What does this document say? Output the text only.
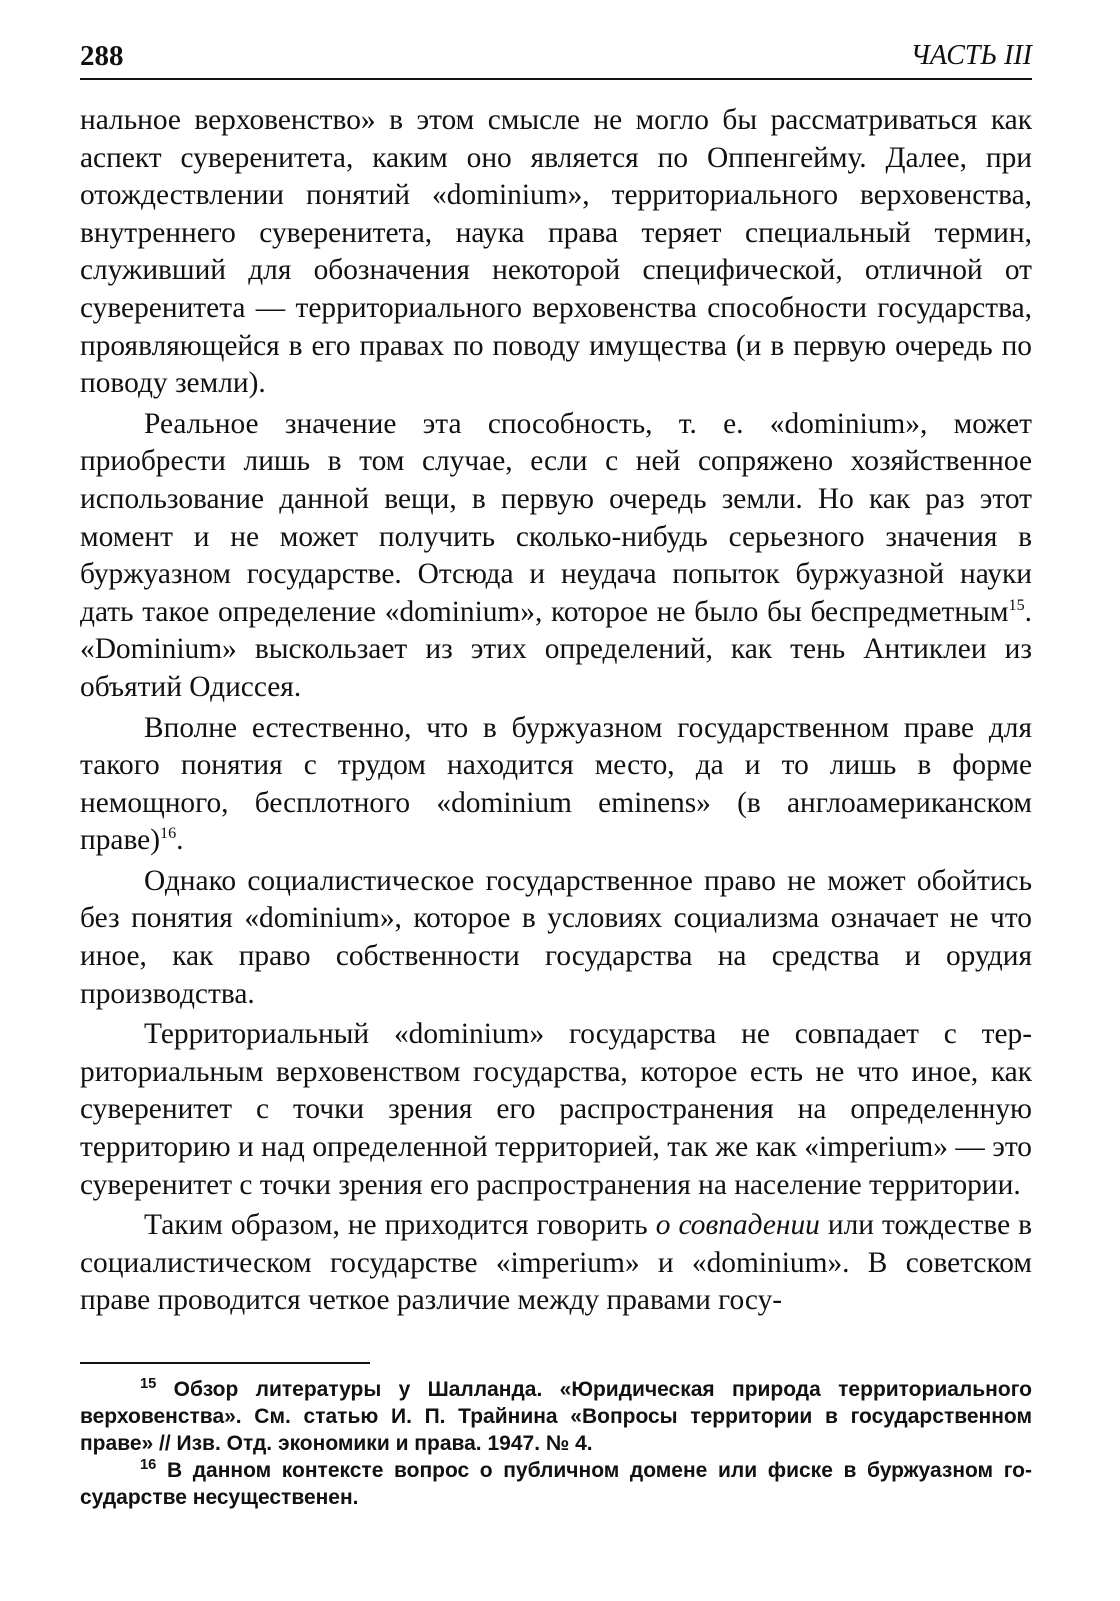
288	ЧАСТЬ III

нальное верховенство» в этом смысле не могло бы рассматриваться как аспект суверенитета, каким оно является по Оппенгейму. Далее, при отождествлении понятий «dominium», территориального верховенства, внутреннего суверенитета, наука права теряет специальный термин, служивший для обозначения некоторой специфической, отличной от суверенитета — территориального верховенства способности государства, проявляющейся в его правах по поводу имущества (и в первую очередь по поводу земли).

Реальное значение эта способность, т. е. «dominium», может приобрести лишь в том случае, если с ней сопряжено хозяйственное использование данной вещи, в первую очередь земли. Но как раз этот момент и не может получить сколько-нибудь серьезного значения в буржуазном государстве. Отсюда и неудача попыток буржуазной науки дать такое определение «dominium», которое не было бы беспредметным$^{15}$. «Dominium» выскользает из этих определений, как тень Антиклеи из объятий Одиссея.

Вполне естественно, что в буржуазном государственном праве для такого понятия с трудом находится место, да и то лишь в форме немощного, бесплотного «dominium eminens» (в англоамериканском праве)$^{16}$.

Однако социалистическое государственное право не может обойтись без понятия «dominium», которое в условиях социализма означает не что иное, как право собственности государства на средства и орудия производства.

Территориальный «dominium» государства не совпадает с территориальным верховенством государства, которое есть не что иное, как суверенитет с точки зрения его распространения на определенную территорию и над определенной территорией, так же как «imperium» — это суверенитет с точки зрения его распространения на население территории.

Таким образом, не приходится говорить о совпадении или тождестве в социалистическом государстве «imperium» и «dominium». В советском праве проводится четкое различие между правами госу-

$^{15}$ Обзор литературы у Шалланда. «Юридическая природа территориального верховенства». См. статью И. П. Трайнина «Вопросы территории в государственном праве» // Изв. Отд. экономики и права. 1947. № 4.

$^{16}$ В данном контексте вопрос о публичном домене или фиске в буржуазном государстве несущественен.
